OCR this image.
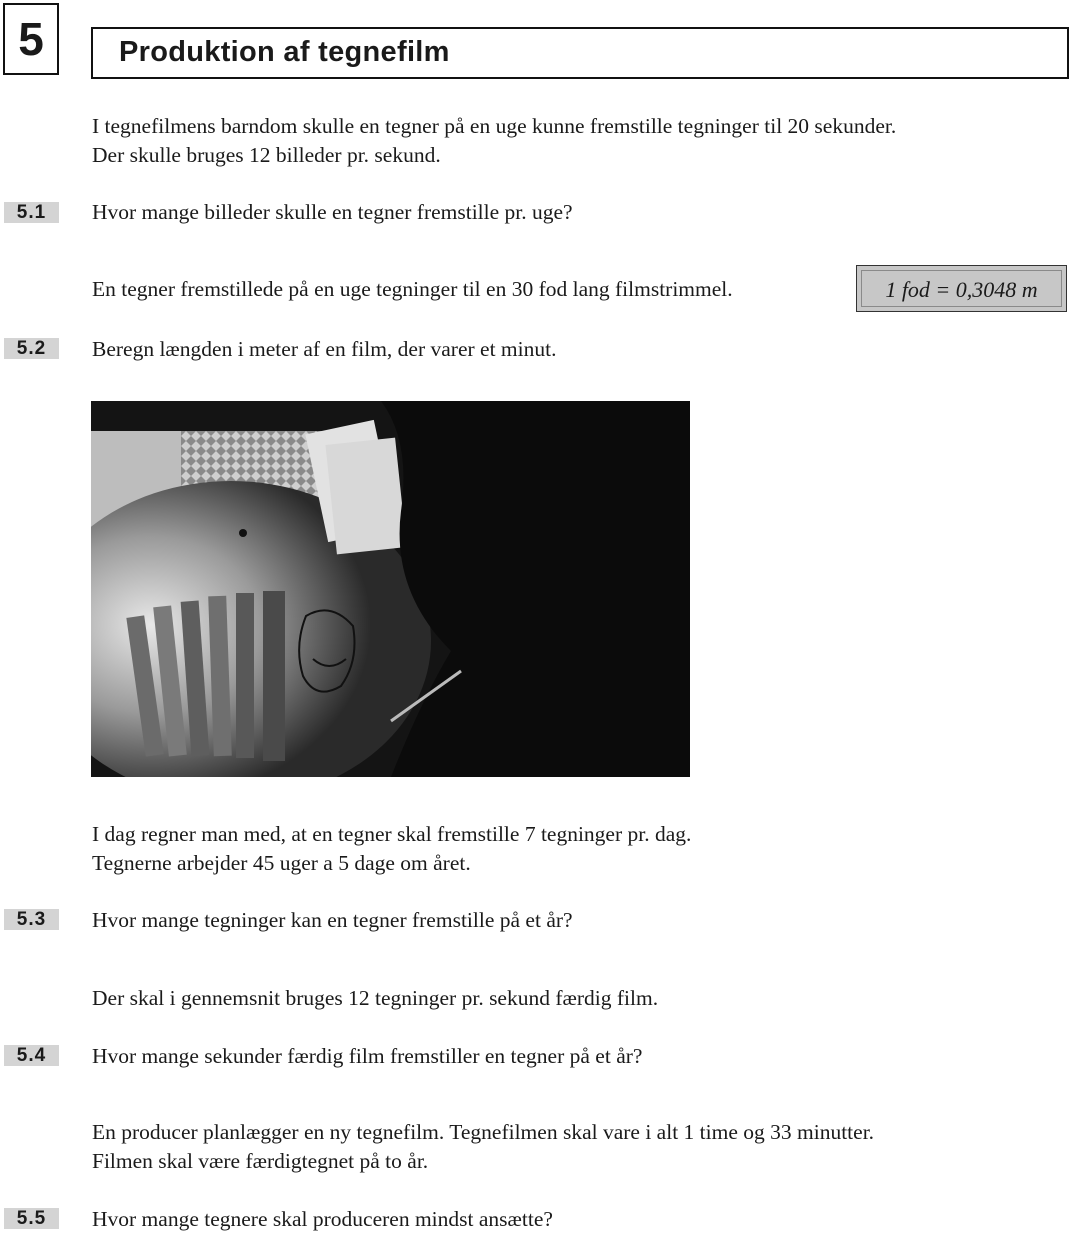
5	Produktion af tegnefilm
I tegnefilmens barndom skulle en tegner på en uge kunne fremstille tegninger til 20 sekunder.
Der skulle bruges 12 billeder pr. sekund.
5.1	Hvor mange billeder skulle en tegner fremstille pr. uge?
En tegner fremstillede på en uge tegninger til en 30 fod lang filmstrimmel.	1 fod = 0,3048 m
5.2	Beregn længden i meter af en film, der varer et minut.
I dag regner man med, at en tegner skal fremstille 7 tegninger pr. dag.
Tegnerne arbejder 45 uger a 5 dage om året.
5.3	Hvor mange tegninger kan en tegner fremstille på et år?
Der skal i gennemsnit bruges 12 tegninger pr. sekund færdig film.
5.4	Hvor mange sekunder færdig film fremstiller en tegner på et år?
En producer planlægger en ny tegnefilm. Tegnefilmen skal vare i alt 1 time og 33 minutter.
Filmen skal være færdigtegnet på to år.
5.5	Hvor mange tegnere skal produceren mindst ansætte?
